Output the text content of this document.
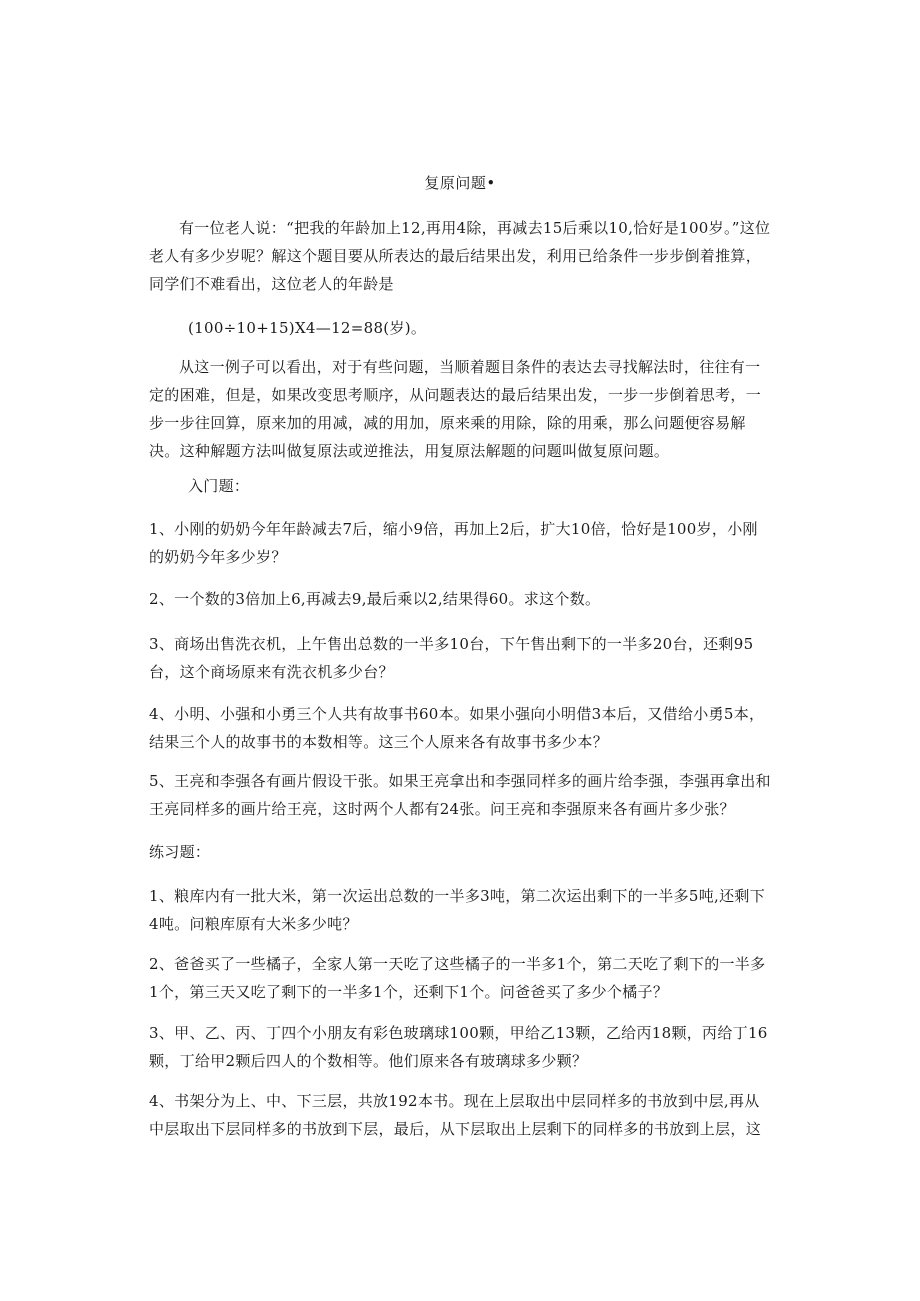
复原问题•

有一位老人说：“把我的年龄加上12,再用4除，再减去15后乘以10,恰好是100岁。”这位老人有多少岁呢？解这个题目要从所表达的最后结果出发，利用已给条件一步步倒着推算，同学们不难看出，这位老人的年龄是

(100÷10+15)X4—12=88(岁)。

从这一例子可以看出，对于有些问题，当顺着题目条件的表达去寻找解法时，往往有一定的困难，但是，如果改变思考顺序，从问题表达的最后结果出发，一步一步倒着思考，一步一步往回算，原来加的用减，减的用加，原来乘的用除，除的用乘，那么问题便容易解决。这种解题方法叫做复原法或逆推法，用复原法解题的问题叫做复原问题。

入门题：

1、小刚的奶奶今年年龄减去7后，缩小9倍，再加上2后，扩大10倍，恰好是100岁，小刚的奶奶今年多少岁？

2、一个数的3倍加上6,再减去9,最后乘以2,结果得60。求这个数。

3、商场出售洗衣机，上午售出总数的一半多10台，下午售出剩下的一半多20台，还剩95台，这个商场原来有洗衣机多少台？

4、小明、小强和小勇三个人共有故事书60本。如果小强向小明借3本后，又借给小勇5本，结果三个人的故事书的本数相等。这三个人原来各有故事书多少本？

5、王亮和李强各有画片假设干张。如果王亮拿出和李强同样多的画片给李强，李强再拿出和王亮同样多的画片给王亮，这时两个人都有24张。问王亮和李强原来各有画片多少张？

练习题：

1、粮库内有一批大米，第一次运出总数的一半多3吨，第二次运出剩下的一半多5吨,还剩下4吨。问粮库原有大米多少吨？

2、爸爸买了一些橘子，全家人第一天吃了这些橘子的一半多1个，第二天吃了剩下的一半多1个，第三天又吃了剩下的一半多1个，还剩下1个。问爸爸买了多少个橘子？

3、甲、乙、丙、丁四个小朋友有彩色玻璃球100颗，甲给乙13颗，乙给丙18颗，丙给丁16颗，丁给甲2颗后四人的个数相等。他们原来各有玻璃球多少颗？

4、书架分为上、中、下三层，共放192本书。现在上层取出中层同样多的书放到中层,再从中层取出下层同样多的书放到下层，最后，从下层取出上层剩下的同样多的书放到上层，这
